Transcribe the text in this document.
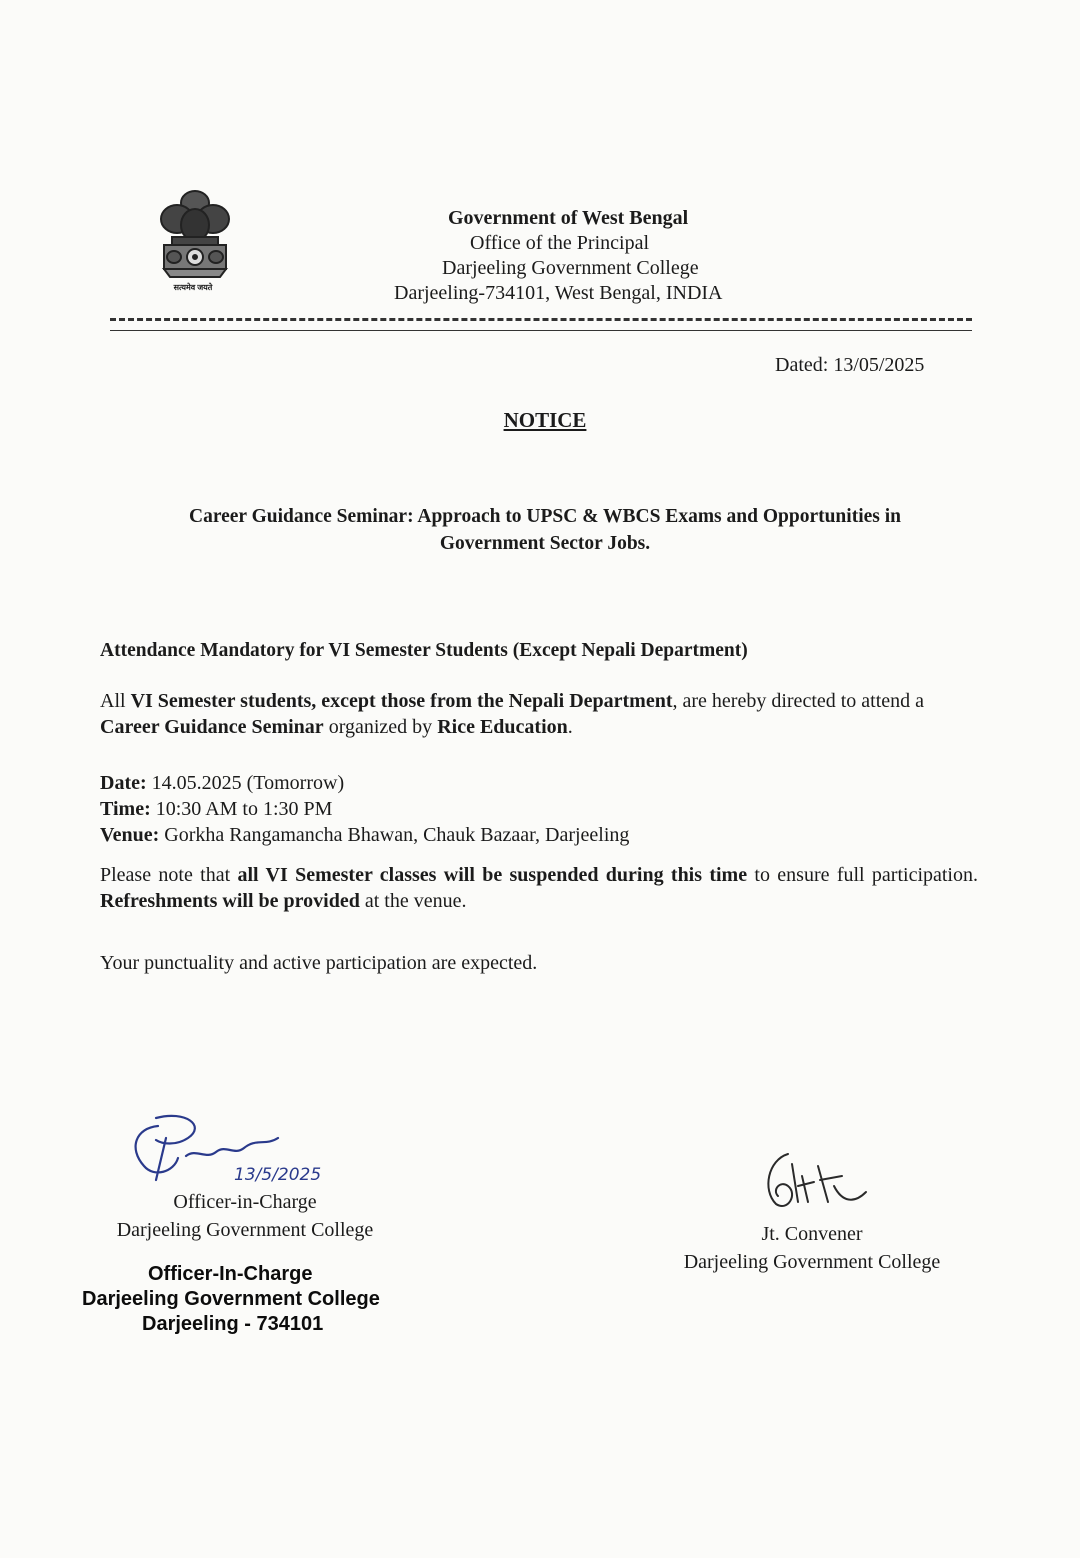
सत्यमेव जयते
Government of West Bengal
Office of the Principal
Darjeeling Government College
Darjeeling-734101, West Bengal, INDIA
Dated: 13/05/2025
NOTICE
Career Guidance Seminar: Approach to UPSC & WBCS Exams and Opportunities in
Government Sector Jobs.
Attendance Mandatory for VI Semester Students (Except Nepali Department)
All VI Semester students, except those from the Nepali Department, are hereby directed to attend a Career Guidance Seminar organized by Rice Education.
Date: 14.05.2025 (Tomorrow)
Time: 10:30 AM to 1:30 PM
Venue: Gorkha Rangamancha Bhawan, Chauk Bazaar, Darjeeling
Please note that all VI Semester classes will be suspended during this time to ensure full participation. Refreshments will be provided at the venue.
Your punctuality and active participation are expected.
13/5/2025
Officer-in-Charge
Darjeeling Government College
Officer-In-Charge
Darjeeling Government College
Darjeeling - 734101
Jt. Convener
Darjeeling Government College
